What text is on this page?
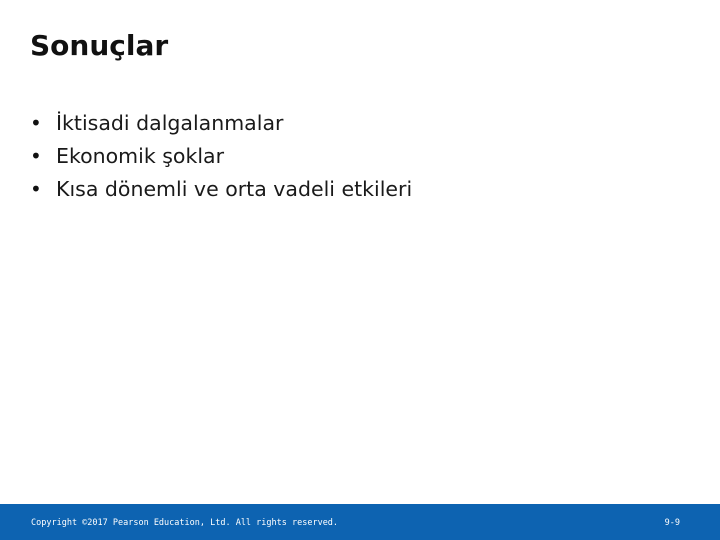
Sonuçlar
• İktisadi dalgalanmalar
• Ekonomik şoklar
• Kısa dönemli ve orta vadeli etkileri
Copyright ©2017 Pearson Education, Ltd. All rights reserved.	9-9
